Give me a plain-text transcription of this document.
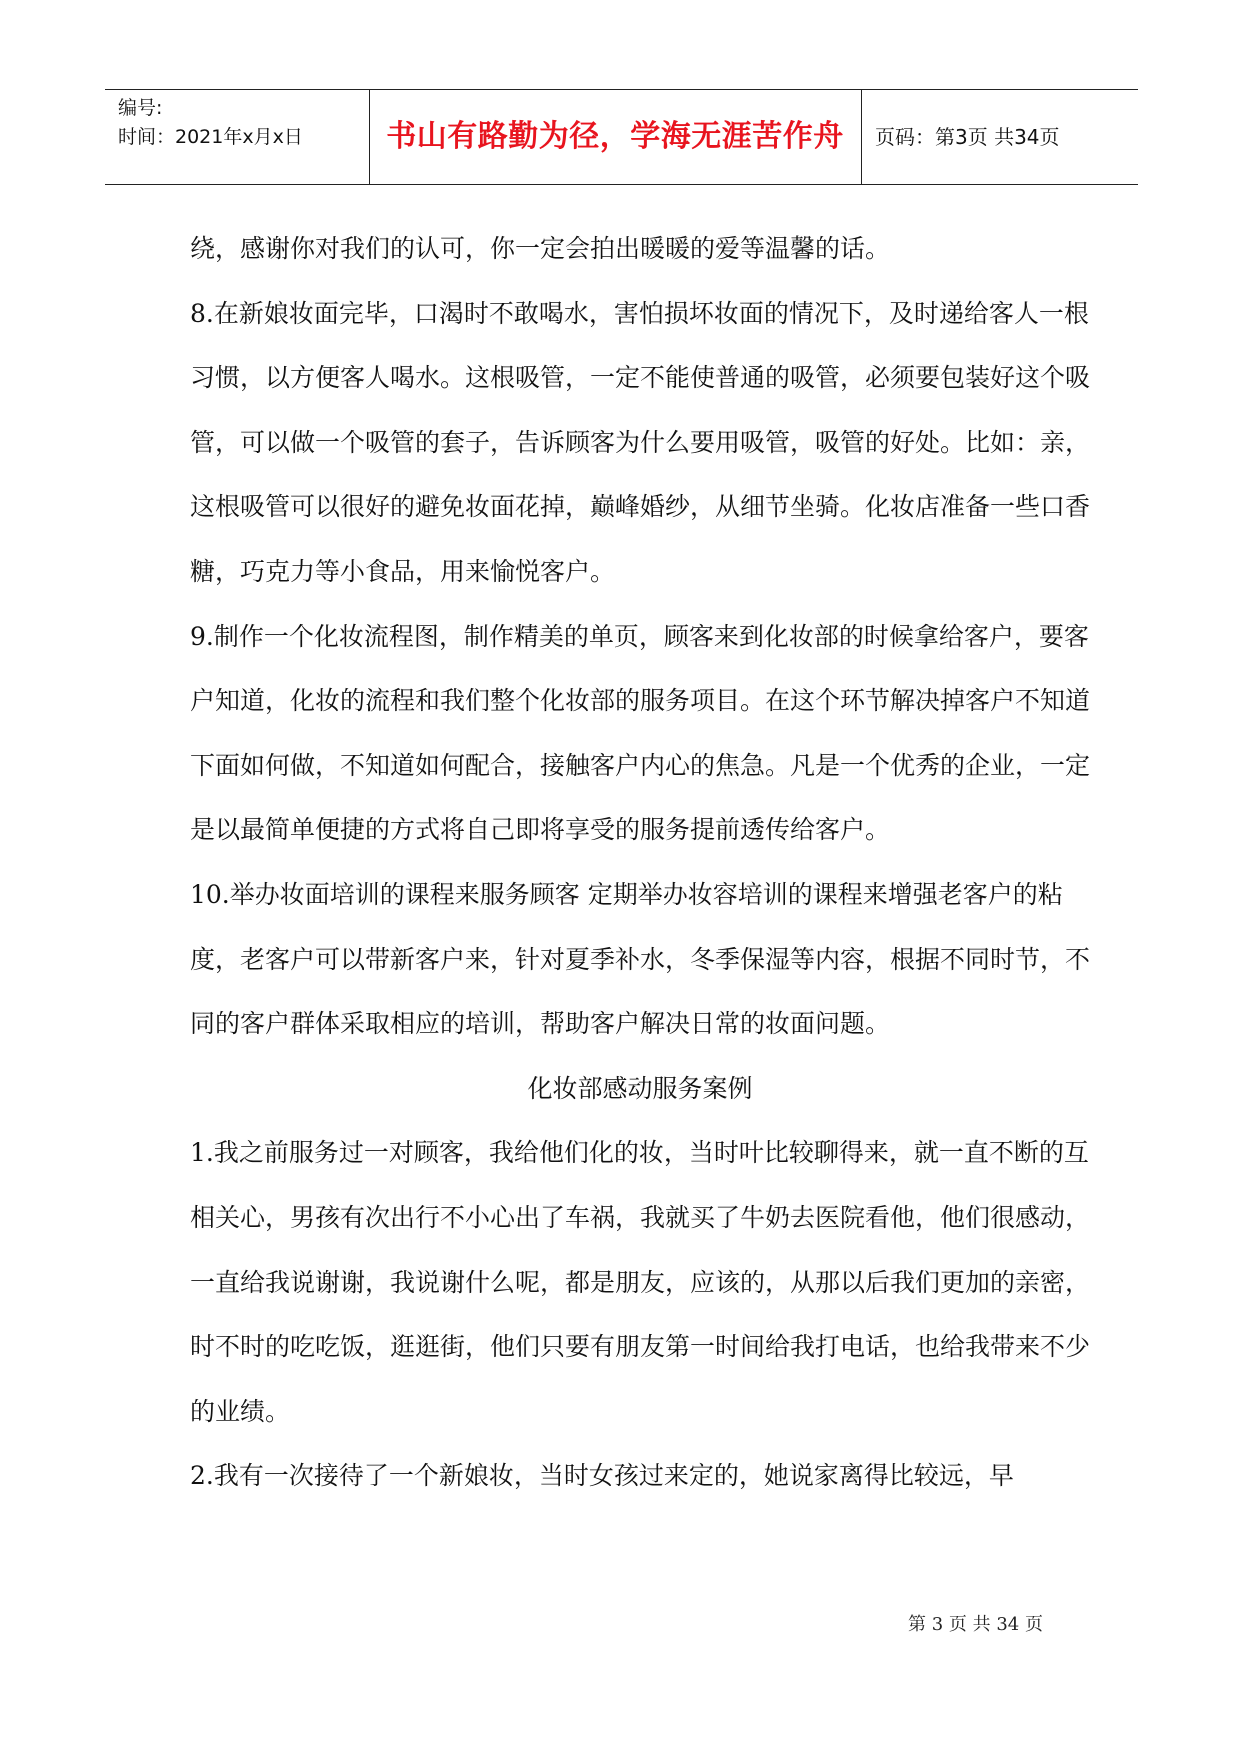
编号:
时间：2021年x月x日	书山有路勤为径，学海无涯苦作舟	页码：第3页 共34页

绕，感谢你对我们的认可，你一定会拍出暖暖的爱等温馨的话。

8.在新娘妆面完毕，口渴时不敢喝水，害怕损坏妆面的情况下，及时递给客人一根习惯，以方便客人喝水。这根吸管，一定不能使普通的吸管，必须要包装好这个吸管，可以做一个吸管的套子，告诉顾客为什么要用吸管，吸管的好处。比如：亲，这根吸管可以很好的避免妆面花掉，巅峰婚纱，从细节坐骑。化妆店准备一些口香糖，巧克力等小食品，用来愉悦客户。

9.制作一个化妆流程图，制作精美的单页，顾客来到化妆部的时候拿给客户，要客户知道，化妆的流程和我们整个化妆部的服务项目。在这个环节解决掉客户不知道下面如何做，不知道如何配合，接触客户内心的焦急。凡是一个优秀的企业，一定是以最简单便捷的方式将自己即将享受的服务提前透传给客户。

10.举办妆面培训的课程来服务顾客 定期举办妆容培训的课程来增强老客户的粘度，老客户可以带新客户来，针对夏季补水，冬季保湿等内容，根据不同时节，不同的客户群体采取相应的培训，帮助客户解决日常的妆面问题。

化妆部感动服务案例

1.我之前服务过一对顾客，我给他们化的妆，当时叶比较聊得来，就一直不断的互相关心，男孩有次出行不小心出了车祸，我就买了牛奶去医院看他，他们很感动，一直给我说谢谢，我说谢什么呢，都是朋友，应该的，从那以后我们更加的亲密，时不时的吃吃饭，逛逛街，他们只要有朋友第一时间给我打电话，也给我带来不少的业绩。

2.我有一次接待了一个新娘妆，当时女孩过来定的，她说家离得比较远，早

第 3 页 共 34 页
